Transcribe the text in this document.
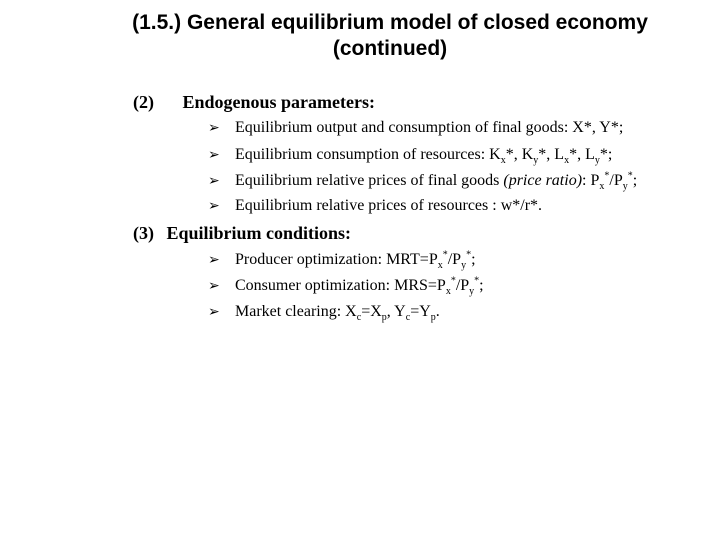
(1.5.) General equilibrium model of closed economy
(continued)
(2) Endogenous parameters:
➢ Equilibrium output and consumption of final goods: X*, Y*;
➢ Equilibrium consumption of resources: $K_x*$, $K_y*$, $L_x*$, $L_y*$;
➢ Equilibrium relative prices of final goods (price ratio): $P_x^*/P_y^*$;
➢ Equilibrium relative prices of resources : w*/r*.
(3) Equilibrium conditions:
➢ Producer optimization: $MRT=P_x^*/P_y^*$;
➢ Consumer optimization: $MRS=P_x^*/P_y^*$;
➢ Market clearing: $X_c=X_p$, $Y_c=Y_p$.
